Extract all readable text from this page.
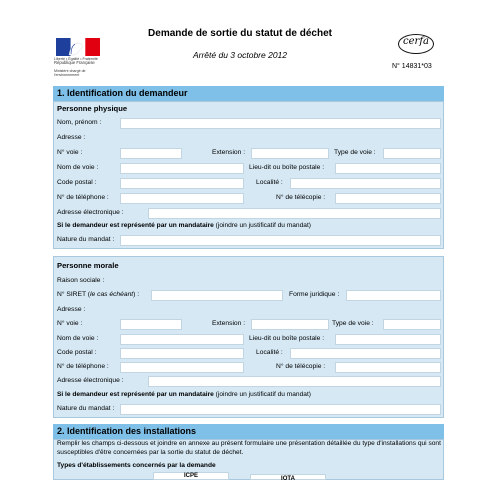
Liberté • Égalité • Fraternité
République Française
Ministère chargé de l'environnement
Demande de sortie du statut de déchet
Arrêté du 3 octobre 2012
cerfa
N° 14831*03
1. Identification du demandeur
Personne physique
Nom, prénom :
Adresse :
N° voie :	Extension :	Type de voie :
Nom de voie :	Lieu-dit ou boîte postale :
Code postal :	Localité :
N° de téléphone :	N° de télécopie :
Adresse électronique :
Si le demandeur est représenté par un mandataire (joindre un justificatif du mandat)
Nature du mandat :
Personne morale
Raison sociale :
N° SIRET (le cas échéant) :	Forme juridique :
Adresse :
N° voie :	Extension :	Type de voie :
Nom de voie :	Lieu-dit ou boîte postale :
Code postal :	Localité :
N° de téléphone :	N° de télécopie :
Adresse électronique :
Si le demandeur est représenté par un mandataire (joindre un justificatif du mandat)
Nature du mandat :
2. Identification des installations
Remplir les champs ci-dessous et joindre en annexe au présent formulaire une présentation détaillée du type d'installations qui sont susceptibles d'être concernées par la sortie du statut de déchet.
Types d'établissements concernés par la demande
ICPE	IOTA
